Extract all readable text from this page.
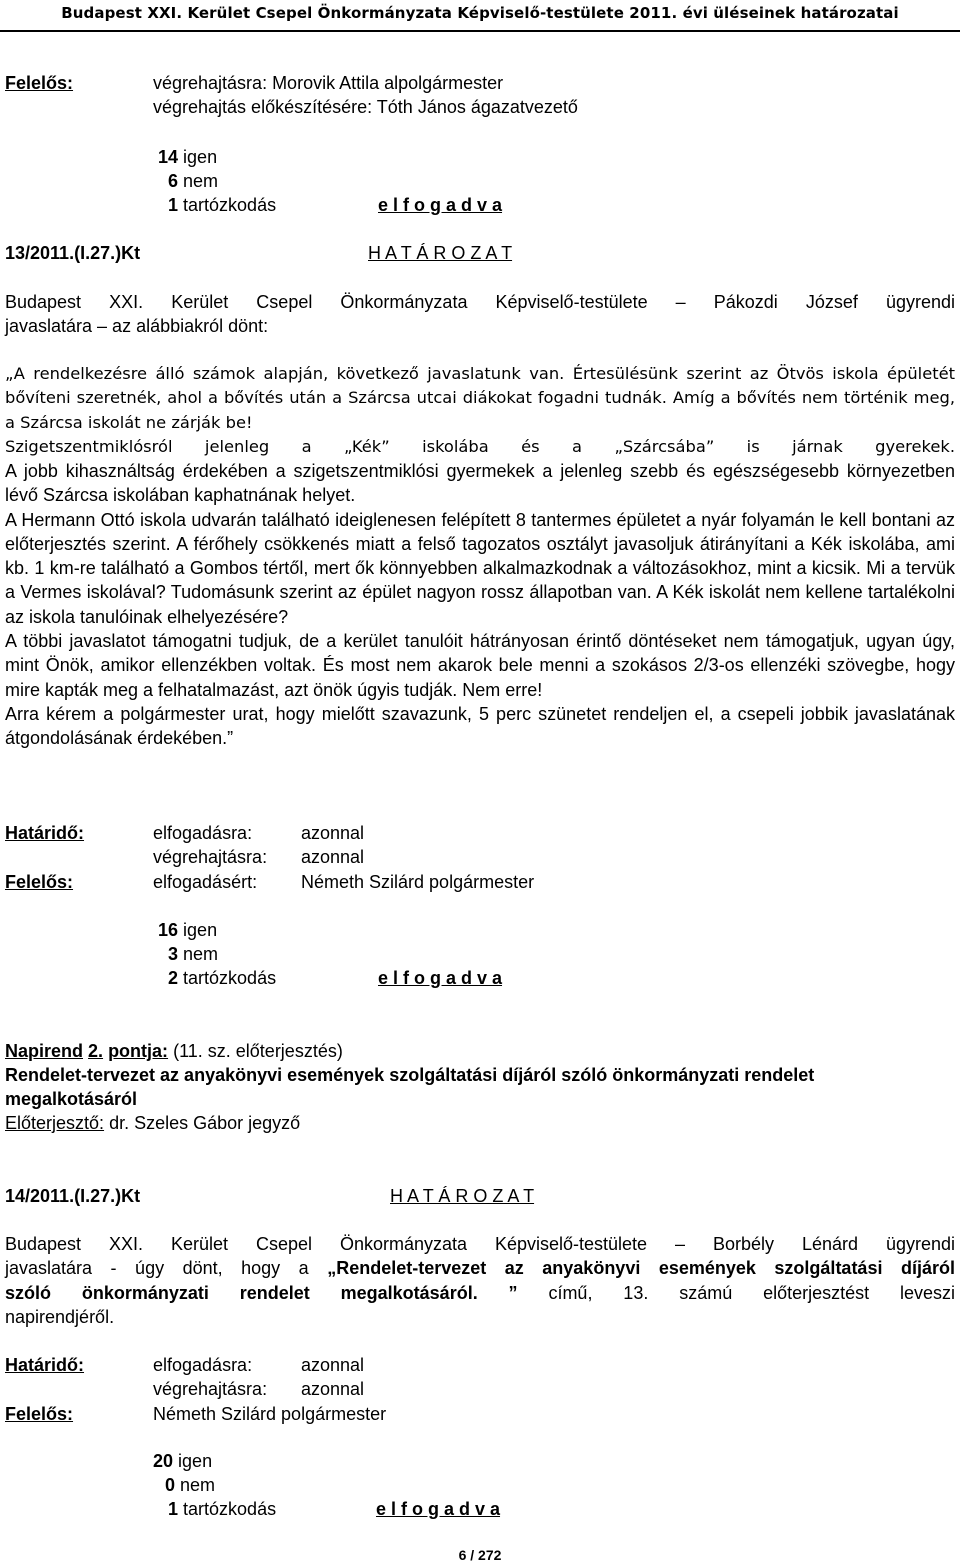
Budapest XXI. Kerület Csepel Önkormányzata Képviselő-testülete 2011. évi üléseinek határozatai
Felelős:	végrehajtásra: Morovik Attila alpolgármester
végrehajtás előkészítésére: Tóth János ágazatvezető
14 igen
6 nem
1 tartózkodás	e l f o g a d v a
13/2011.(I.27.)Kt	H A T Á R O Z A T

Budapest XXI. Kerület Csepel Önkormányzata Képviselő-testülete – Pákozdi József ügyrendi

javaslatára – az alábbiakról dönt:

„A rendelkezésre álló számok alapján, következő javaslatunk van. Értesülésünk szerint az Ötvös iskola épületét bővíteni szeretnék, ahol a bővítés után a Szárcsa utcai diákokat fogadni tudnák. Amíg a bővítés nem történik meg, a Szárcsa iskolát ne zárják be!

Szigetszentmiklósról jelenleg a „Kék” iskolába és a „Szárcsába” is járnak gyerekek.

A jobb kihasználtság érdekében a szigetszentmiklósi gyermekek a jelenleg szebb és egészségesebb környezetben lévő Szárcsa iskolában kaphatnának helyet.

A Hermann Ottó iskola udvarán található ideiglenesen felépített 8 tantermes épületet a nyár folyamán le kell bontani az előterjesztés szerint. A férőhely csökkenés miatt a felső tagozatos osztályt javasoljuk átirányítani a Kék iskolába, ami kb. 1 km-re található a Gombos tértől, mert ők könnyebben alkalmazkodnak a változásokhoz, mint a kicsik. Mi a tervük a Vermes iskolával? Tudomásunk szerint az épület nagyon rossz állapotban van. A Kék iskolát nem kellene tartalékolni az iskola tanulóinak elhelyezésére?

A többi javaslatot támogatni tudjuk, de a kerület tanulóit hátrányosan érintő döntéseket nem támogatjuk, ugyan úgy, mint Önök, amikor ellenzékben voltak. És most nem akarok bele menni a szokásos 2/3-os ellenzéki szövegbe, hogy mire kapták meg a felhatalmazást, azt önök úgyis tudják. Nem erre!

Arra kérem a polgármester urat, hogy mielőtt szavazunk, 5 perc szünetet rendeljen el, a csepeli jobbik javaslatának átgondolásának érdekében.”

Határidő:	elfogadásra:	azonnal
végrehajtásra: azonnal
Felelős:	elfogadásért: Németh Szilárd polgármester
16 igen
3 nem
2 tartózkodás	e l f o g a d v a
Napirend 2. pontja: (11. sz. előterjesztés)
Rendelet-tervezet az anyakönyvi események szolgáltatási díjáról szóló önkormányzati rendelet
megalkotásáról
Előterjesztő: dr. Szeles Gábor jegyző
14/2011.(I.27.)Kt	H A T Á R O Z A T

Budapest XXI. Kerület Csepel Önkormányzata Képviselő-testülete – Borbély Lénárd ügyrendi

javaslatára - úgy dönt, hogy a „Rendelet-tervezet az anyakönyvi események szolgáltatási díjáról

szóló önkormányzati rendelet megalkotásáról. ” című, 13. számú előterjesztést leveszi

napirendjéről.

Határidő:	elfogadásra:	azonnal
végrehajtásra: azonnal
Felelős:	Németh Szilárd polgármester
20 igen
0 nem
1 tartózkodás	e l f o g a d v a
6 / 272
